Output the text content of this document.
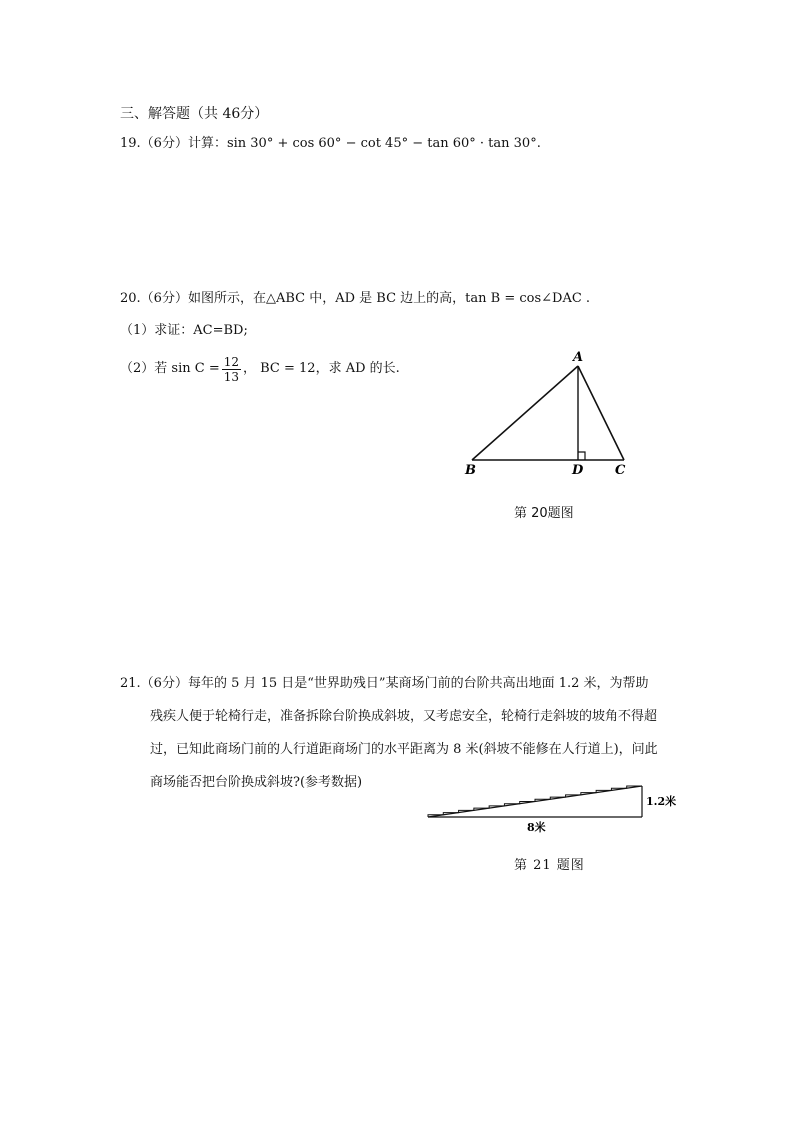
三、解答题（共 46分）
19.（6分）计算：sin 30° + cos 60° − cot 45° − tan 60° · tan 30°.
20.（6分）如图所示，在△ABC 中，AD 是 BC 边上的高，tan B = cos∠DAC .
（1）求证：AC=BD;
（2）若 $\sin C = \frac{12}{13}$ ， BC = 12，求 AD 的长.
A
B	D C
第 20题图

21.（6分）每年的 5 月 15 日是“世界助残日”某商场门前的台阶共高出地面 1.2 米，为帮助

残疾人便于轮椅行走，准备拆除台阶换成斜坡，又考虑安全，轮椅行走斜坡的坡角不得超

过，已知此商场门前的人行道距商场门的水平距离为 8 米(斜坡不能修在人行道上)，问此

商场能否把台阶换成斜坡?(参考数据)

1.2米
8米
第 21 题图
